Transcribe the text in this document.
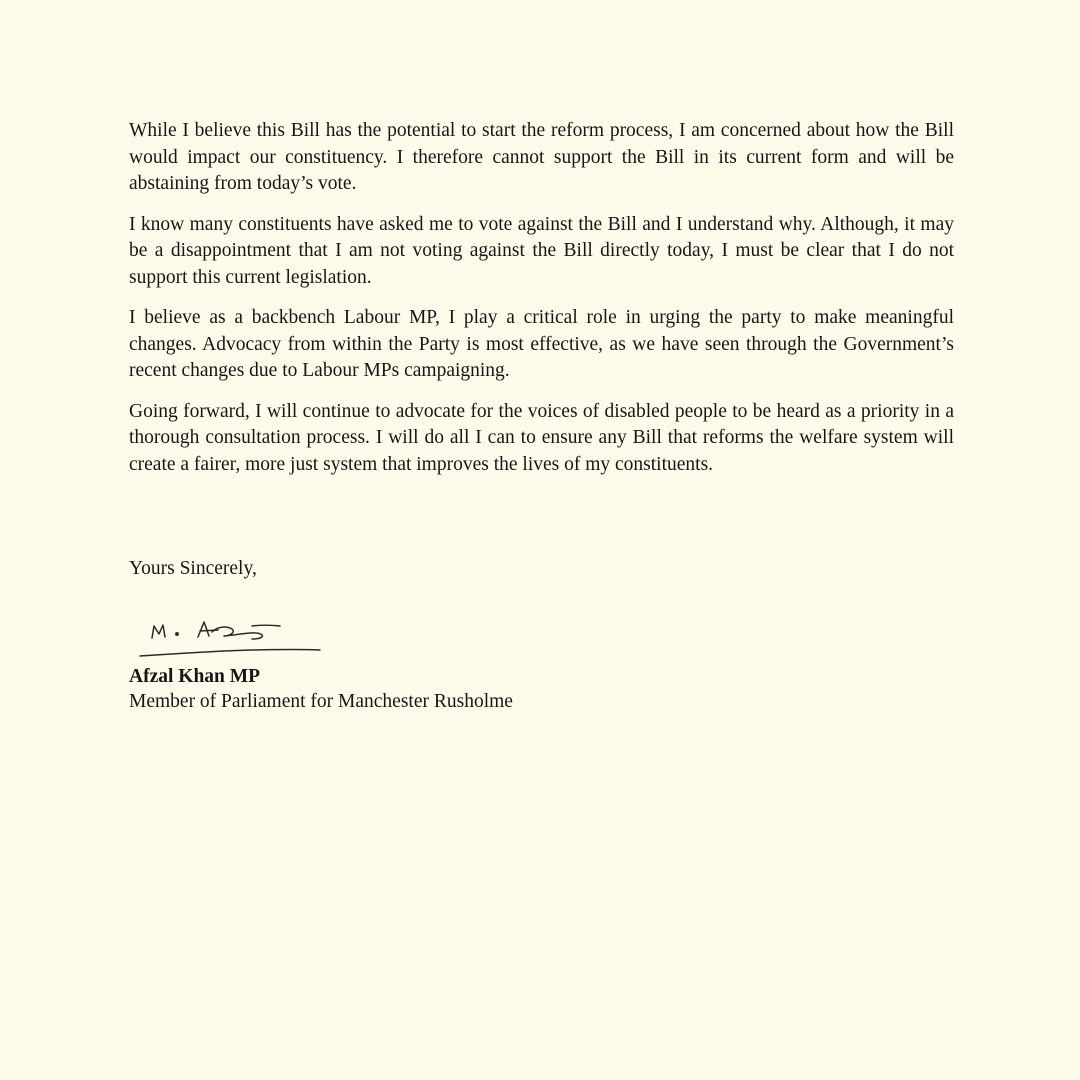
While I believe this Bill has the potential to start the reform process, I am concerned about how the Bill would impact our constituency. I therefore cannot support the Bill in its current form and will be abstaining from today’s vote.

I know many constituents have asked me to vote against the Bill and I understand why. Although, it may be a disappointment that I am not voting against the Bill directly today, I must be clear that I do not support this current legislation.

I believe as a backbench Labour MP, I play a critical role in urging the party to make meaningful changes. Advocacy from within the Party is most effective, as we have seen through the Government’s recent changes due to Labour MPs campaigning.

Going forward, I will continue to advocate for the voices of disabled people to be heard as a priority in a thorough consultation process. I will do all I can to ensure any Bill that reforms the welfare system will create a fairer, more just system that improves the lives of my constituents.

Yours Sincerely,

Afzal Khan MP
Member of Parliament for Manchester Rusholme
